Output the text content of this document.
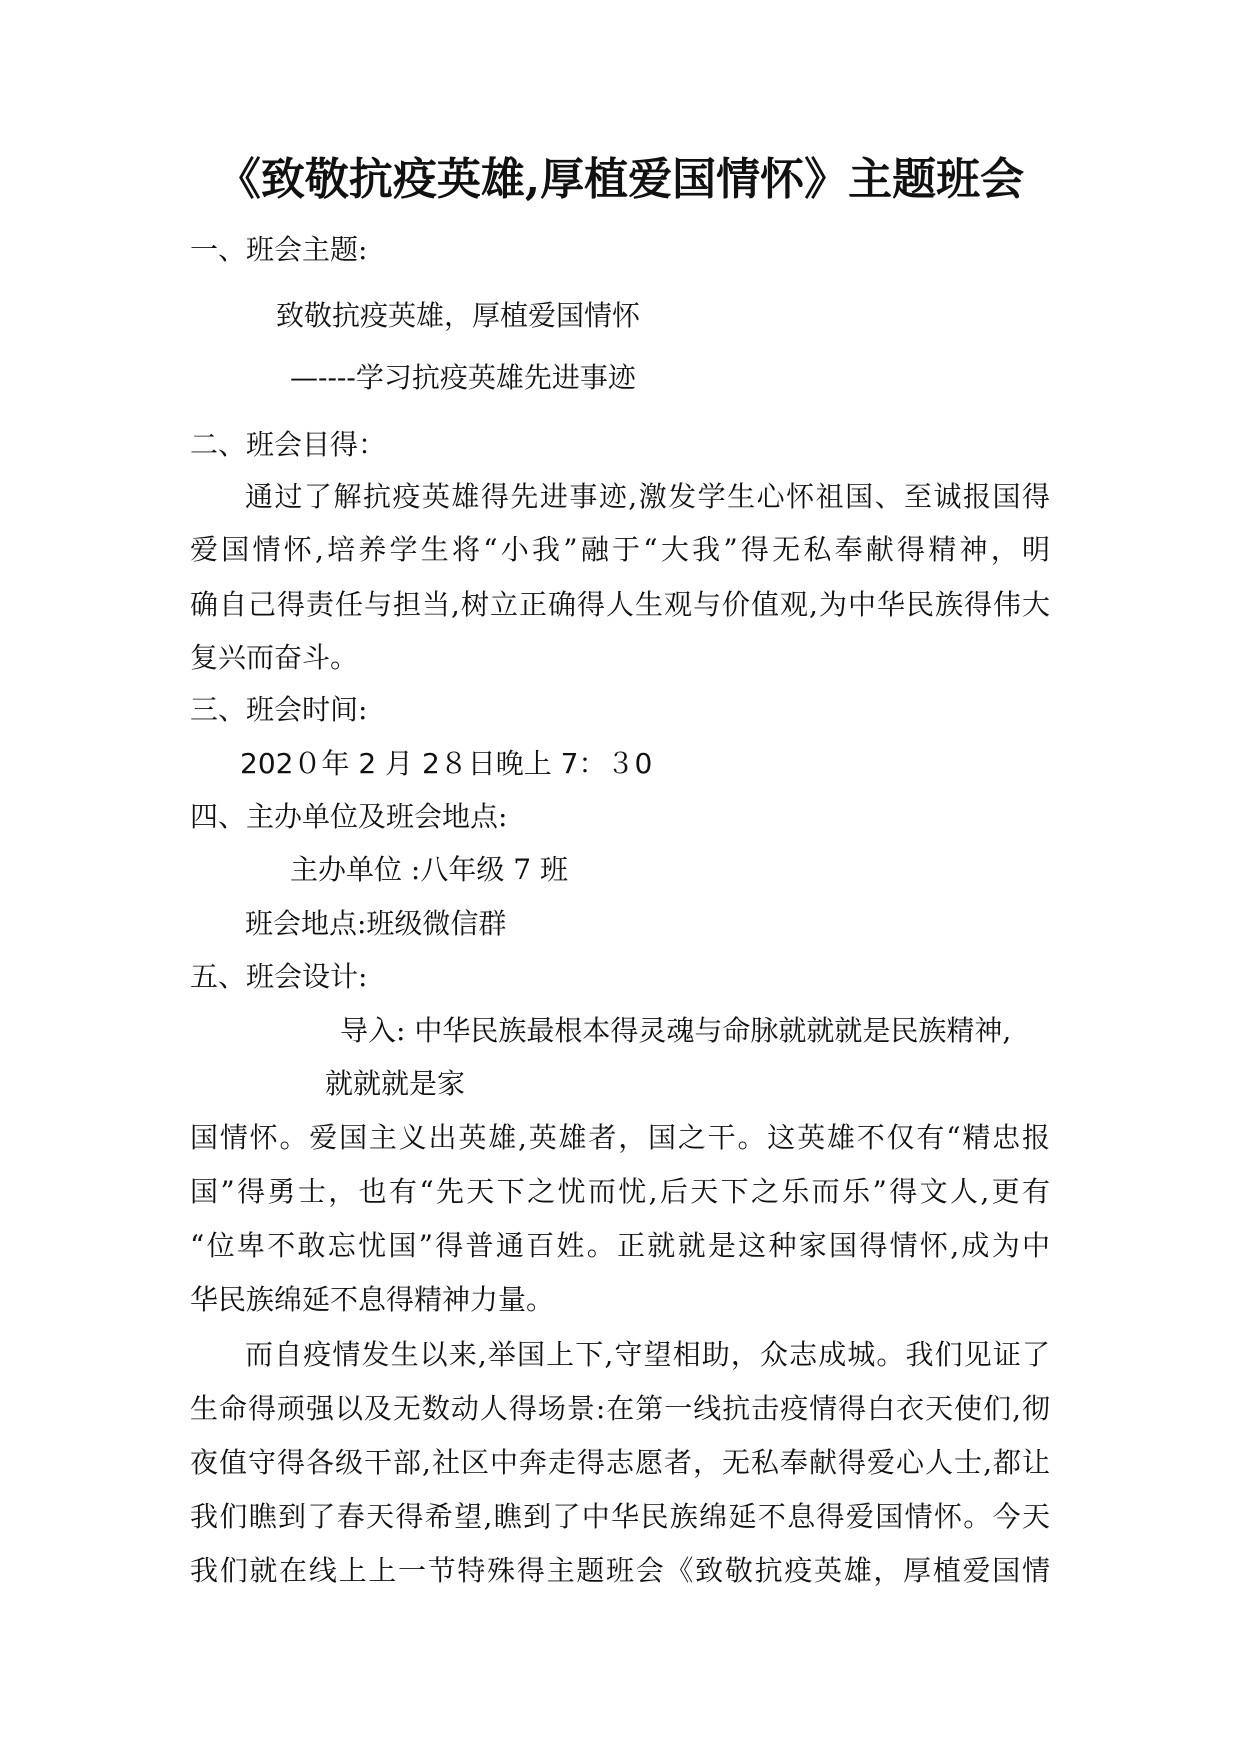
《致敬抗疫英雄,厚植爱国情怀》主题班会
一、班会主题:
致敬抗疫英雄，厚植爱国情怀
—----学习抗疫英雄先进事迹
二、班会目得：
通过了解抗疫英雄得先进事迹,激发学生心怀祖国、至诚报国得
爱国情怀,培养学生将“小我”融于“大我”得无私奉献得精神，明
确自己得责任与担当,树立正确得人生观与价值观,为中华民族得伟大
复兴而奋斗。
三、班会时间:
202０年 2 月 2８日晚上 7：３0
四、主办单位及班会地点:
主办单位 :八年级 7 班
班会地点:班级微信群
五、班会设计:
导入: 中华民族最根本得灵魂与命脉就就就是民族精神,
就就就是家
国情怀。爱国主义出英雄,英雄者，国之干。这英雄不仅有“精忠报
国”得勇士，也有“先天下之忧而忧,后天下之乐而乐”得文人,更有
“位卑不敢忘忧国”得普通百姓。正就就是这种家国得情怀,成为中
华民族绵延不息得精神力量。
而自疫情发生以来,举国上下,守望相助，众志成城。我们见证了
生命得顽强以及无数动人得场景:在第一线抗击疫情得白衣天使们,彻
夜值守得各级干部,社区中奔走得志愿者，无私奉献得爱心人士,都让
我们瞧到了春天得希望,瞧到了中华民族绵延不息得爱国情怀。今天
我们就在线上上一节特殊得主题班会《致敬抗疫英雄，厚植爱国情
